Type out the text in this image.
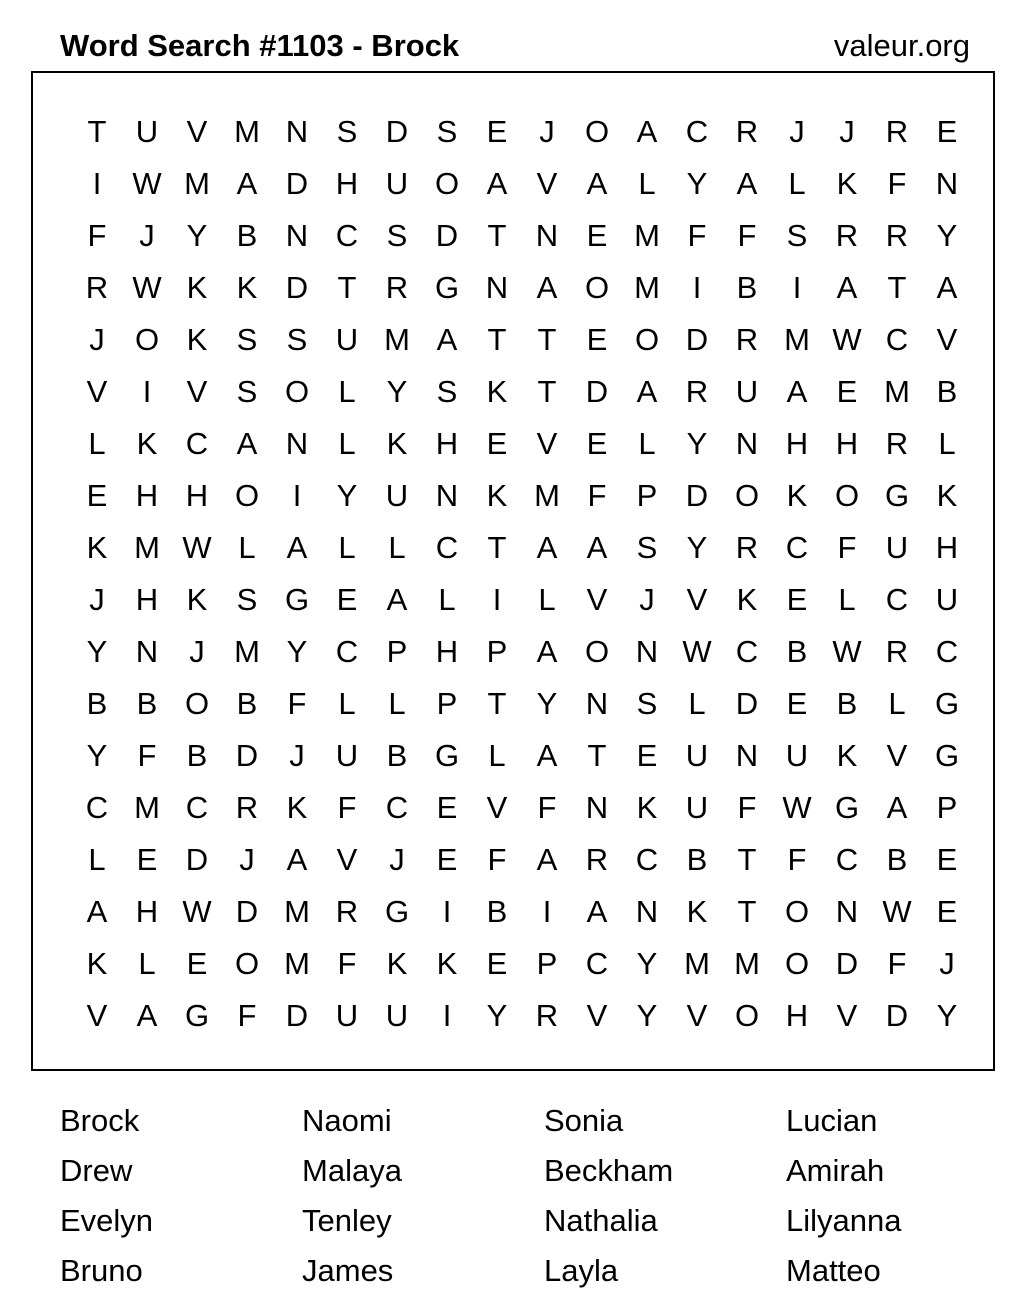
Word Search #1103 - Brock	valeur.org
T U V M N S D S E	J O A C R	J	J	R E
I	W M A D H U O A V A	L	Y A	L	K F N
F	J	Y B N C S D T N E M F	F S R R Y
R W K K D T R G N A O M	I	B	I	A T A
J O K S S U M A T	T E O D R M W C V
V	I	V S O L	Y S K T D A R U A E M B
L	K C A N L	K H E V E	L	Y N H H R L
E H H O	I	Y U N K M F P D O K O G K
K M W L	A	L	L C T A A S Y R C F U H
J	H K S G E A	L	I	L	V	J	V K E	L C U
Y N	J M Y C P H P A O N W C B W R C
B B O B F	L	L	P T Y N S	L D E B	L G
Y F B D	J	U B G L	A T E U N U K V G
C M C R K F C E V F N K U F W G A P
L	E D	J	A V	J	E F A R C B T	F C B E
A H W D M R G	I	B	I	A N K T O N W E
K	L	E O M F K K E P C Y M M O D F	J
V A G F D U U	I	Y R V Y V O H V D Y
Brock	Naomi	Sonia	Lucian
Drew	Malaya	Beckham	Amirah
Evelyn	Tenley	Nathalia	Lilyanna
Bruno	James	Layla	Matteo
